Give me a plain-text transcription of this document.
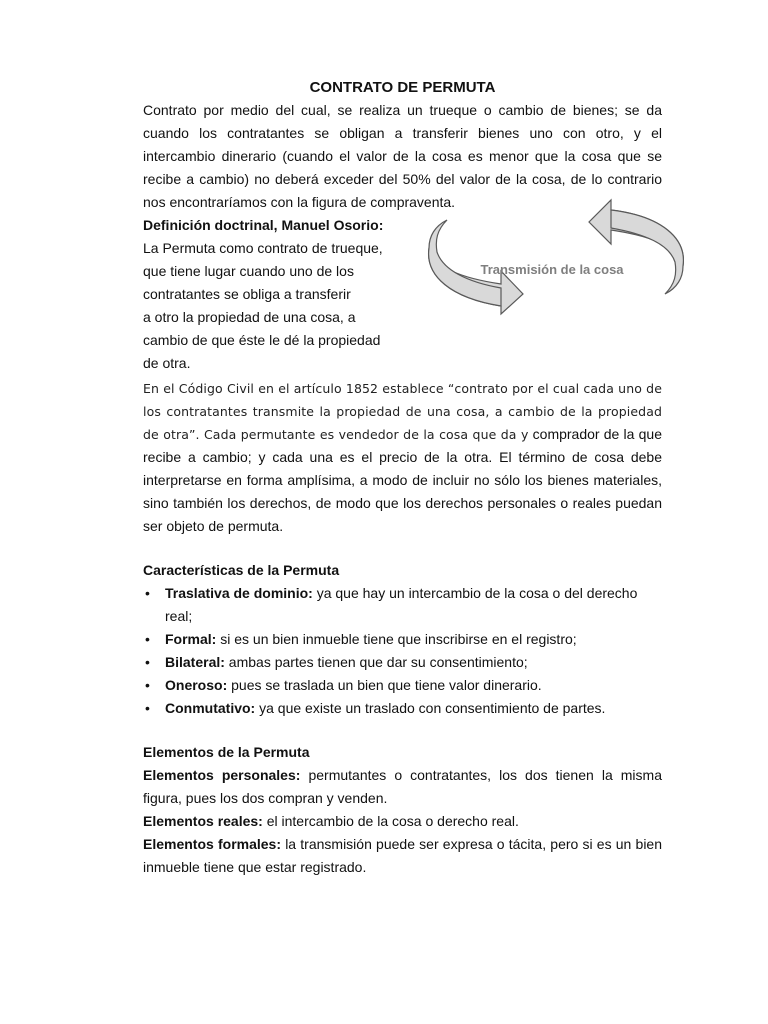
CONTRATO DE PERMUTA

Contrato por medio del cual, se realiza un trueque o cambio de bienes; se da cuando los contratantes se obligan a transferir bienes uno con otro, y el intercambio dinerario (cuando el valor de la cosa es menor que la cosa que se recibe a cambio) no deberá exceder del 50% del valor de la cosa, de lo contrario nos encontraríamos con la figura de compraventa.

Definición doctrinal, Manuel Osorio:

La Permuta como contrato de trueque,

que tiene lugar cuando uno de los

contratantes se obliga a transferir

a otro la propiedad de una cosa, a

cambio de que éste le dé la propiedad

de otra.

Transmisión de la cosa

En el Código Civil en el artículo 1852 establece “contrato por el cual cada uno de los contratantes transmite la propiedad de una cosa, a cambio de la propiedad de otra”. Cada permutante es vendedor de la cosa que da y comprador de la que recibe a cambio; y cada una es el precio de la otra. El término de cosa debe interpretarse en forma amplísima, a modo de incluir no sólo los bienes materiales, sino también los derechos, de modo que los derechos personales o reales puedan ser objeto de permuta.

Características de la Permuta
• Traslativa de dominio: ya que hay un intercambio de la cosa o del derecho real;
• Formal: si es un bien inmueble tiene que inscribirse en el registro;
• Bilateral: ambas partes tienen que dar su consentimiento;
• Oneroso: pues se traslada un bien que tiene valor dinerario.
• Conmutativo: ya que existe un traslado con consentimiento de partes.
Elementos de la Permuta

Elementos personales: permutantes o contratantes, los dos tienen la misma figura, pues los dos compran y venden.

Elementos reales: el intercambio de la cosa o derecho real.

Elementos formales: la transmisión puede ser expresa o tácita, pero si es un bien inmueble tiene que estar registrado.
